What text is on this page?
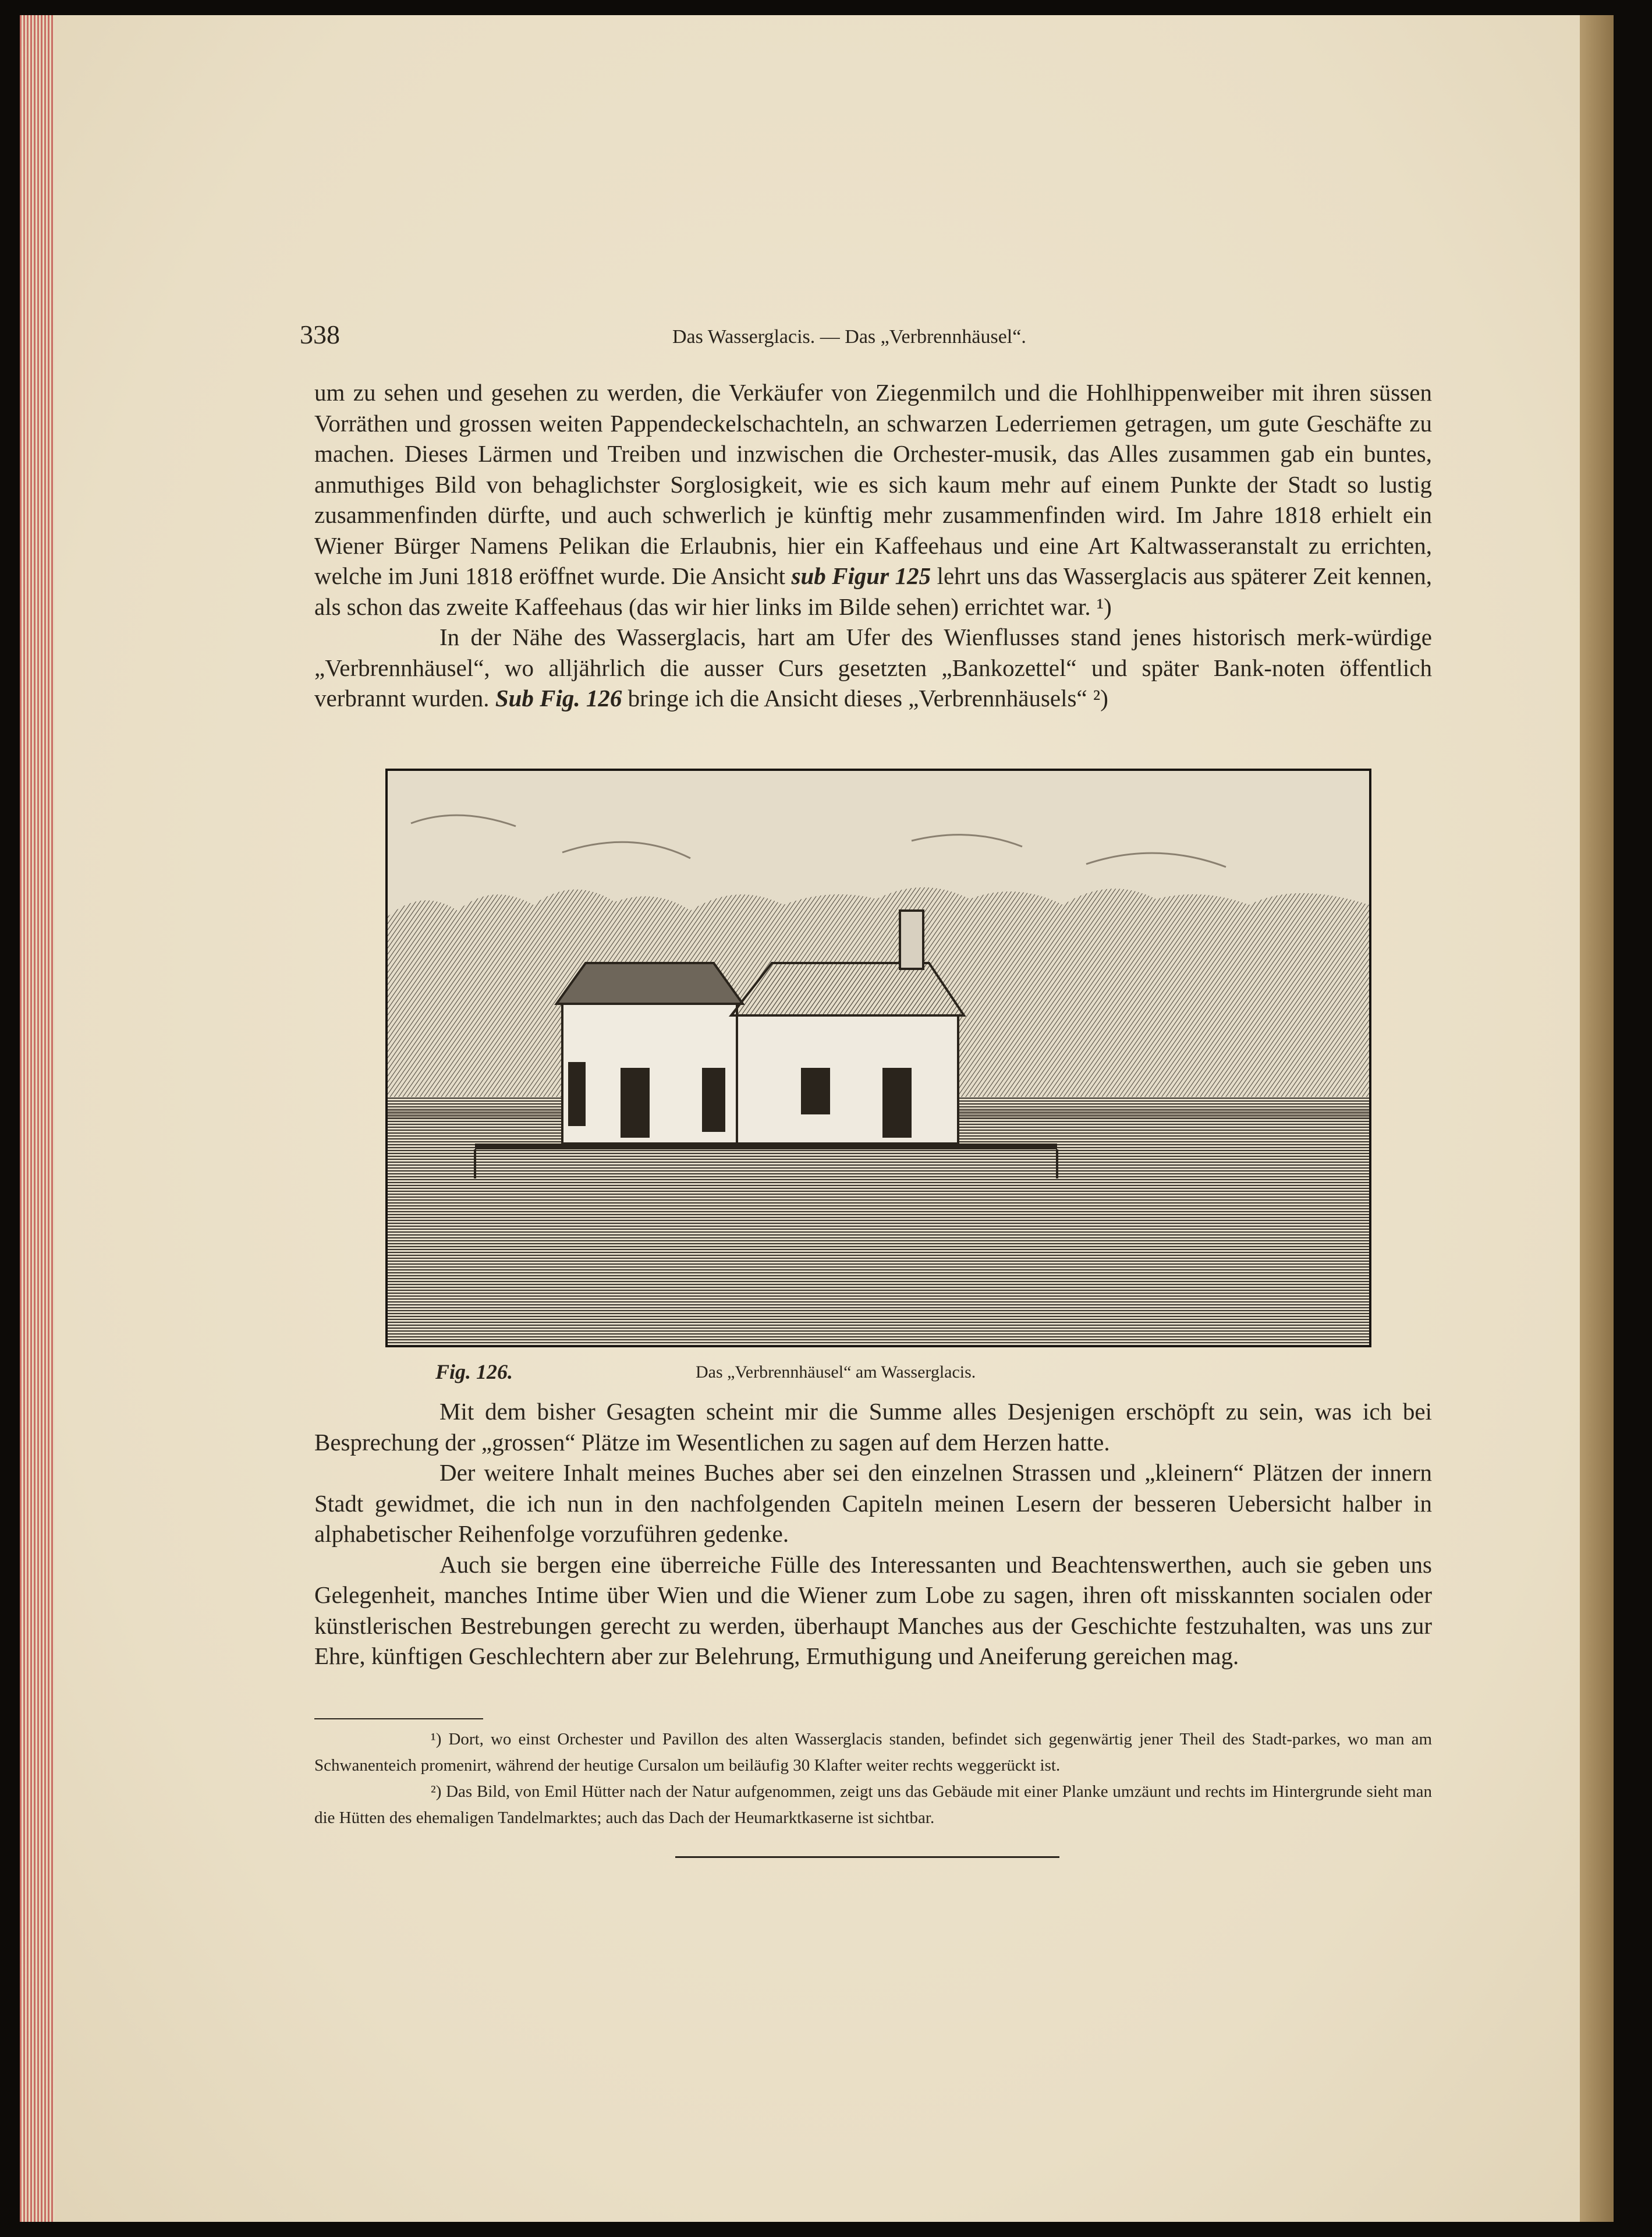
338	Das Wasserglacis. — Das „Verbrennhäusel“.

um zu sehen und gesehen zu werden, die Verkäufer von Ziegenmilch und die Hohlhippenweiber mit ihren süssen Vorräthen und grossen weiten Pappendeckelschachteln, an schwarzen Lederriemen getragen, um gute Geschäfte zu machen. Dieses Lärmen und Treiben und inzwischen die Orchester-musik, das Alles zusammen gab ein buntes, anmuthiges Bild von behaglichster Sorglosigkeit, wie es sich kaum mehr auf einem Punkte der Stadt so lustig zusammenfinden dürfte, und auch schwerlich je künftig mehr zusammenfinden wird. Im Jahre 1818 erhielt ein Wiener Bürger Namens Pelikan die Erlaubnis, hier ein Kaffeehaus und eine Art Kaltwasseranstalt zu errichten, welche im Juni 1818 eröffnet wurde. Die Ansicht sub Figur 125 lehrt uns das Wasserglacis aus späterer Zeit kennen, als schon das zweite Kaffeehaus (das wir hier links im Bilde sehen) errichtet war. ¹)

In der Nähe des Wasserglacis, hart am Ufer des Wienflusses stand jenes historisch merk-würdige „Verbrennhäusel“, wo alljährlich die ausser Curs gesetzten „Bankozettel“ und später Bank-noten öffentlich verbrannt wurden. Sub Fig. 126 bringe ich die Ansicht dieses „Verbrennhäusels“ ²)

Fig. 126.	Das „Verbrennhäusel“ am Wasserglacis.

Mit dem bisher Gesagten scheint mir die Summe alles Desjenigen erschöpft zu sein, was ich bei Besprechung der „grossen“ Plätze im Wesentlichen zu sagen auf dem Herzen hatte.

Der weitere Inhalt meines Buches aber sei den einzelnen Strassen und „kleinern“ Plätzen der innern Stadt gewidmet, die ich nun in den nachfolgenden Capiteln meinen Lesern der besseren Uebersicht halber in alphabetischer Reihenfolge vorzuführen gedenke.

Auch sie bergen eine überreiche Fülle des Interessanten und Beachtenswerthen, auch sie geben uns Gelegenheit, manches Intime über Wien und die Wiener zum Lobe zu sagen, ihren oft misskannten socialen oder künstlerischen Bestrebungen gerecht zu werden, überhaupt Manches aus der Geschichte festzuhalten, was uns zur Ehre, künftigen Geschlechtern aber zur Belehrung, Ermuthigung und Aneiferung gereichen mag.

¹) Dort, wo einst Orchester und Pavillon des alten Wasserglacis standen, befindet sich gegenwärtig jener Theil des Stadt-parkes, wo man am Schwanenteich promenirt, während der heutige Cursalon um beiläufig 30 Klafter weiter rechts weggerückt ist.

²) Das Bild, von Emil Hütter nach der Natur aufgenommen, zeigt uns das Gebäude mit einer Planke umzäunt und rechts im Hintergrunde sieht man die Hütten des ehemaligen Tandelmarktes; auch das Dach der Heumarktkaserne ist sichtbar.
